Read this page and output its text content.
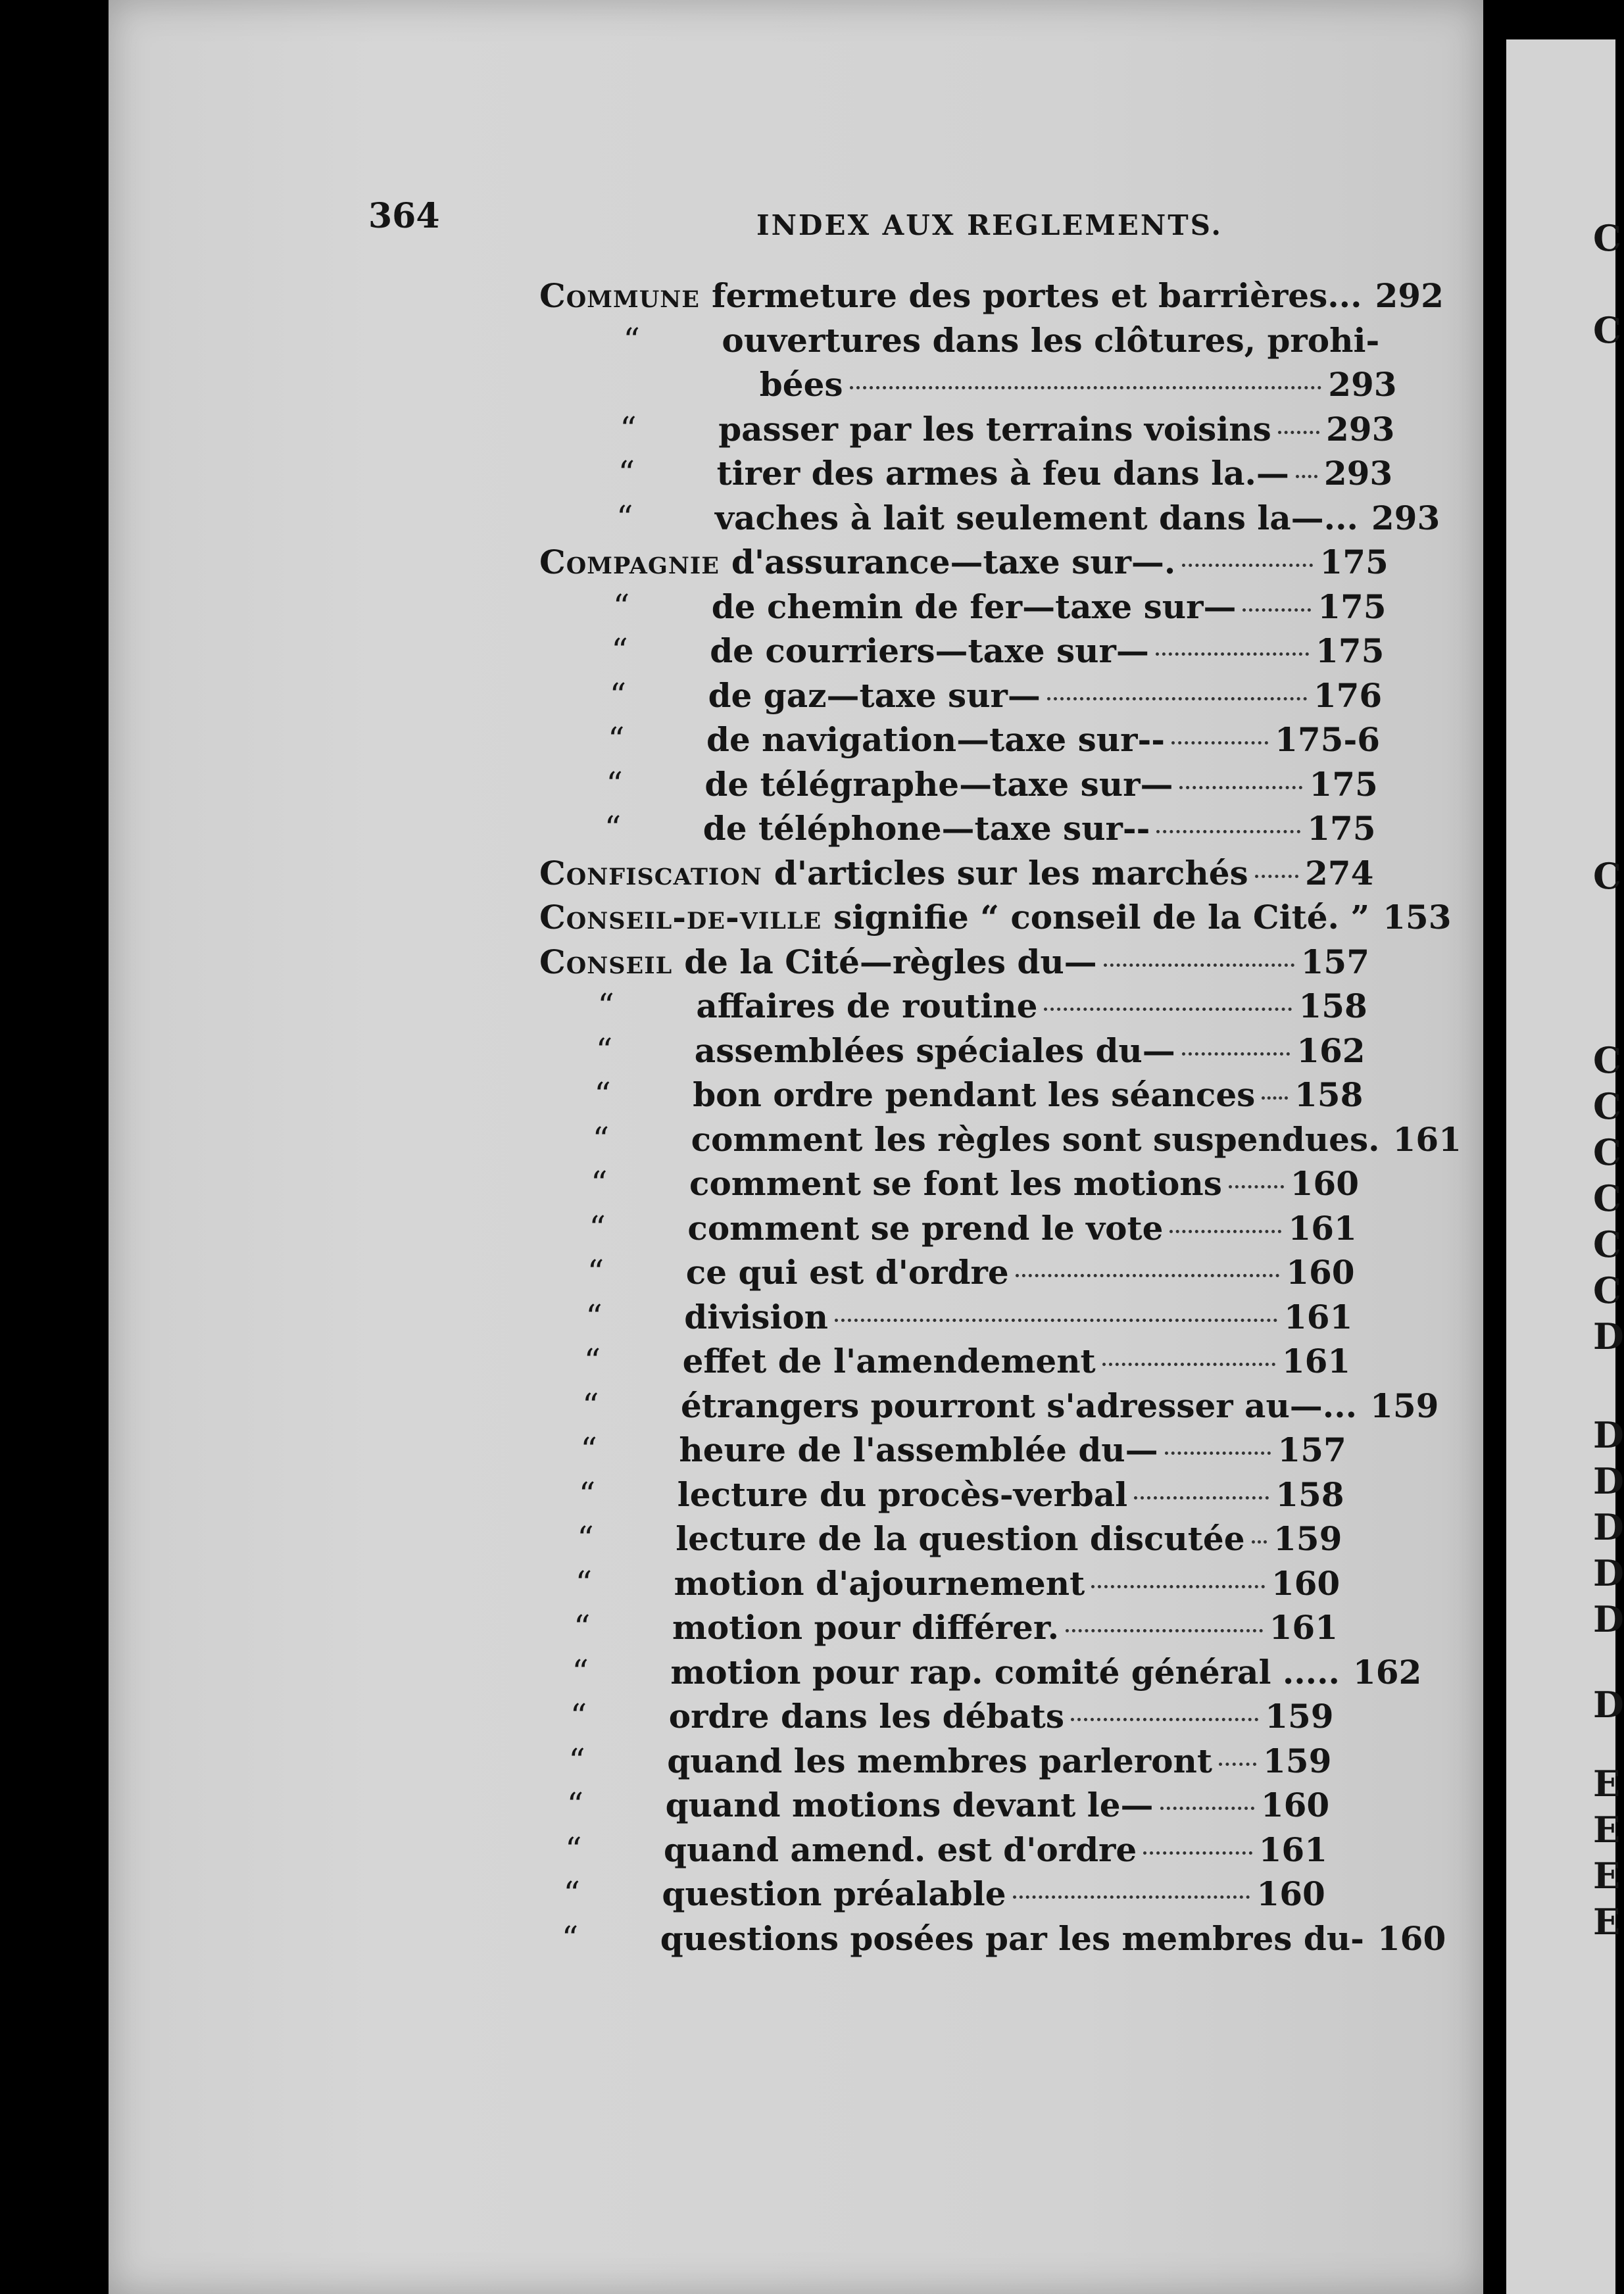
C
C
C
C
C
C
C
C
C
D
D
D
D
D
D
D
E
E
E
E
364	INDEX AUX REGLEMENTS.
Commune fermeture des portes et barrières... 292
“ ouvertures dans les clôtures, prohi-
bées	293
“ passer par les terrains voisins 293
“ tirer des armes à feu dans la.— 293
“ vaches à lait seulement dans la—... 293
Compagnie d'assurance—taxe sur—.	175
“ de chemin de fer—taxe sur— 175
“ de courriers—taxe sur—	175
“ de gaz—taxe sur—	176
“ de navigation—taxe sur--	175-6
“ de télégraphe—taxe sur—	175
“ de téléphone—taxe sur--	175
Confiscation d'articles sur les marchés 274
Conseil-de-ville signifie “ conseil de la Cité. ” 153
Conseil de la Cité—règles du—	157
“ affaires de routine	158
“ assemblées spéciales du—	162
“ bon ordre pendant les séances 158
“ comment les règles sont suspendues. 161
“ comment se font les motions 160
“ comment se prend le vote	161
“ ce qui est d'ordre	160
“ division	161
“ effet de l'amendement	161
“ étrangers pourront s'adresser au—... 159
“ heure de l'assemblée du—	157
“ lecture du procès-verbal	158
“ lecture de la question discutée 159
“ motion d'ajournement	160
“ motion pour différer.	161
“ motion pour rap. comité général ..... 162
“ ordre dans les débats	159
“ quand les membres parleront 159
“ quand motions devant le—	160
“ quand amend. est d'ordre	161
“ question préalable	160
“ questions posées par les membres du- 160
